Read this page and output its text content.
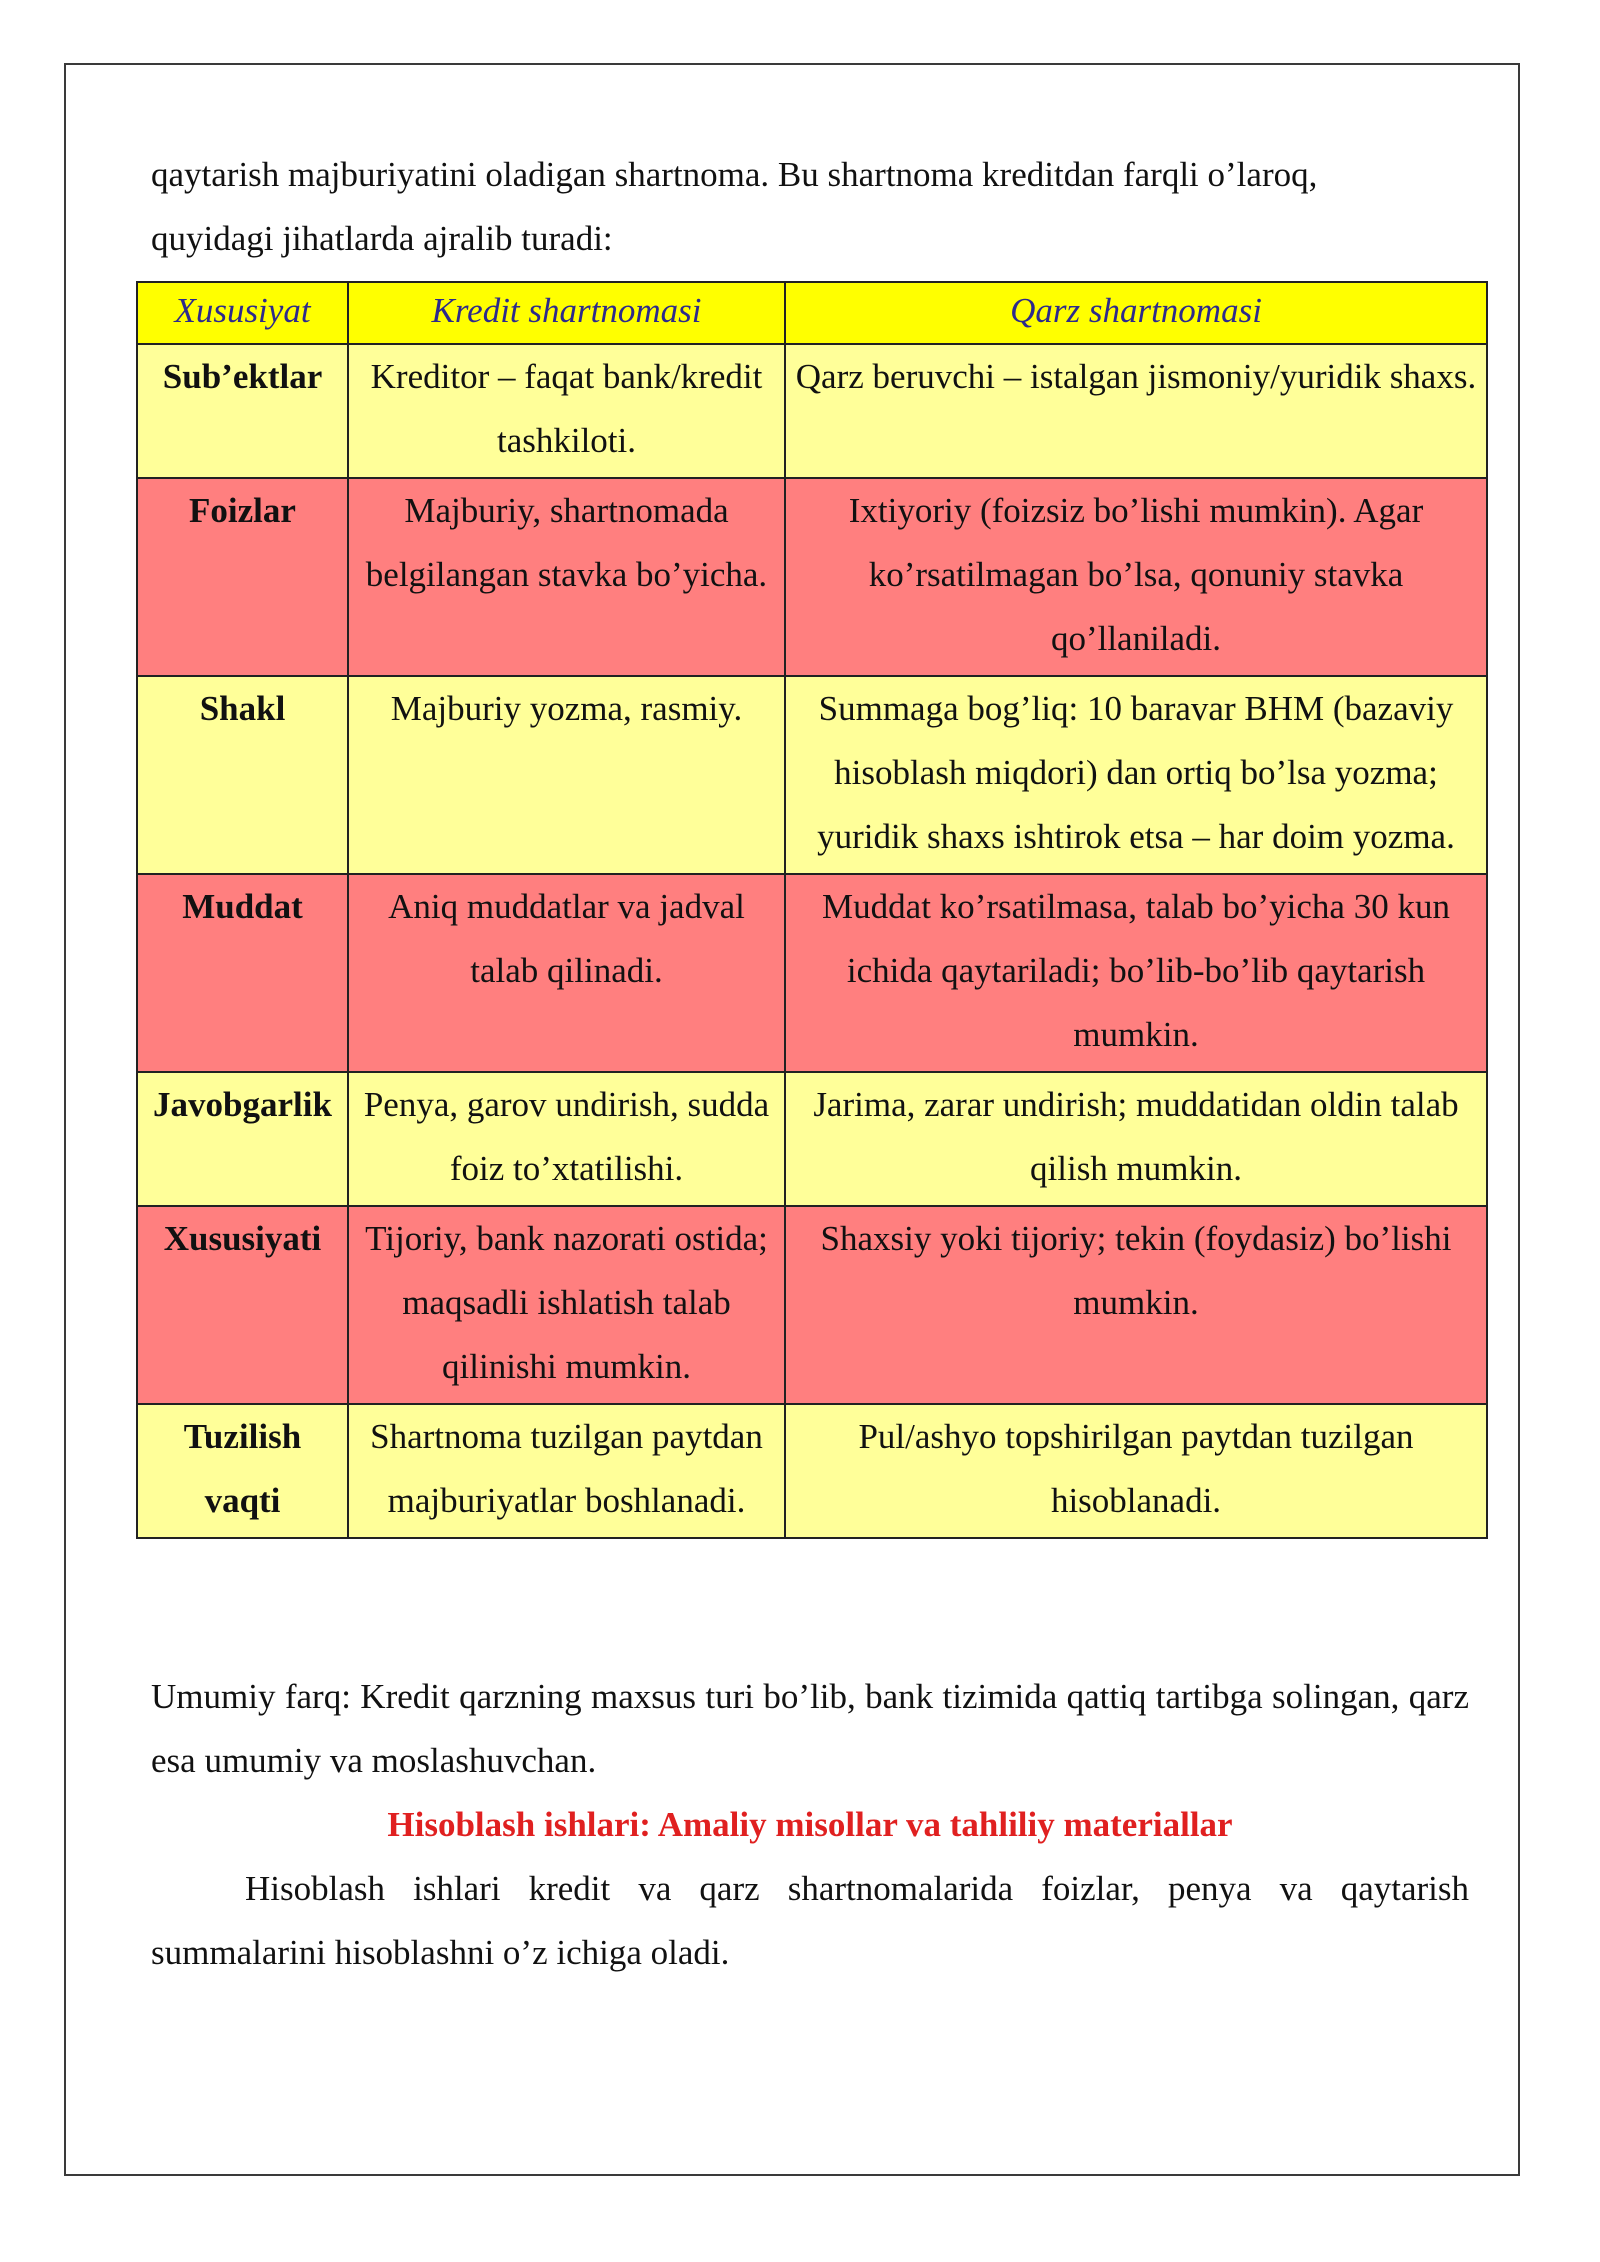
qaytarish majburiyatini oladigan shartnoma. Bu shartnoma kreditdan farqli o’laroq,

quyidagi jihatlarda ajralib turadi:

Xususiyat	Kredit shartnomasi	Qarz shartnomasi
Sub’ektlar	Kreditor – faqat bank/kredit tashkiloti.	Qarz beruvchi – istalgan jismoniy/yuridik shaxs.
Foizlar	Majburiy, shartnomada belgilangan stavka bo’yicha.	Ixtiyoriy (foizsiz bo’lishi mumkin). Agar ko’rsatilmagan bo’lsa, qonuniy stavka qo’llaniladi.
Shakl	Majburiy yozma, rasmiy.	Summaga bog’liq: 10 baravar BHM (bazaviy hisoblash miqdori) dan ortiq bo’lsa yozma; yuridik shaxs ishtirok etsa – har doim yozma.
Muddat	Aniq muddatlar va jadval talab qilinadi.	Muddat ko’rsatilmasa, talab bo’yicha 30 kun ichida qaytariladi; bo’lib-bo’lib qaytarish mumkin.
Javobgarlik	Penya, garov undirish, sudda foiz to’xtatilishi.	Jarima, zarar undirish; muddatidan oldin talab qilish mumkin.
Xususiyati	Tijoriy, bank nazorati ostida; maqsadli ishlatish talab qilinishi mumkin.	Shaxsiy yoki tijoriy; tekin (foydasiz) bo’lishi mumkin.
Tuzilish vaqti	Shartnoma tuzilgan paytdan majburiyatlar boshlanadi.	Pul/ashyo topshirilgan paytdan tuzilgan hisoblanadi.

Umumiy farq: Kredit qarzning maxsus turi bo’lib, bank tizimida qattiq tartibga solingan, qarz esa umumiy va moslashuvchan.

Hisoblash ishlari: Amaliy misollar va tahliliy materiallar

Hisoblash ishlari kredit va qarz shartnomalarida foizlar, penya va qaytarish summalarini hisoblashni o’z ichiga oladi.
